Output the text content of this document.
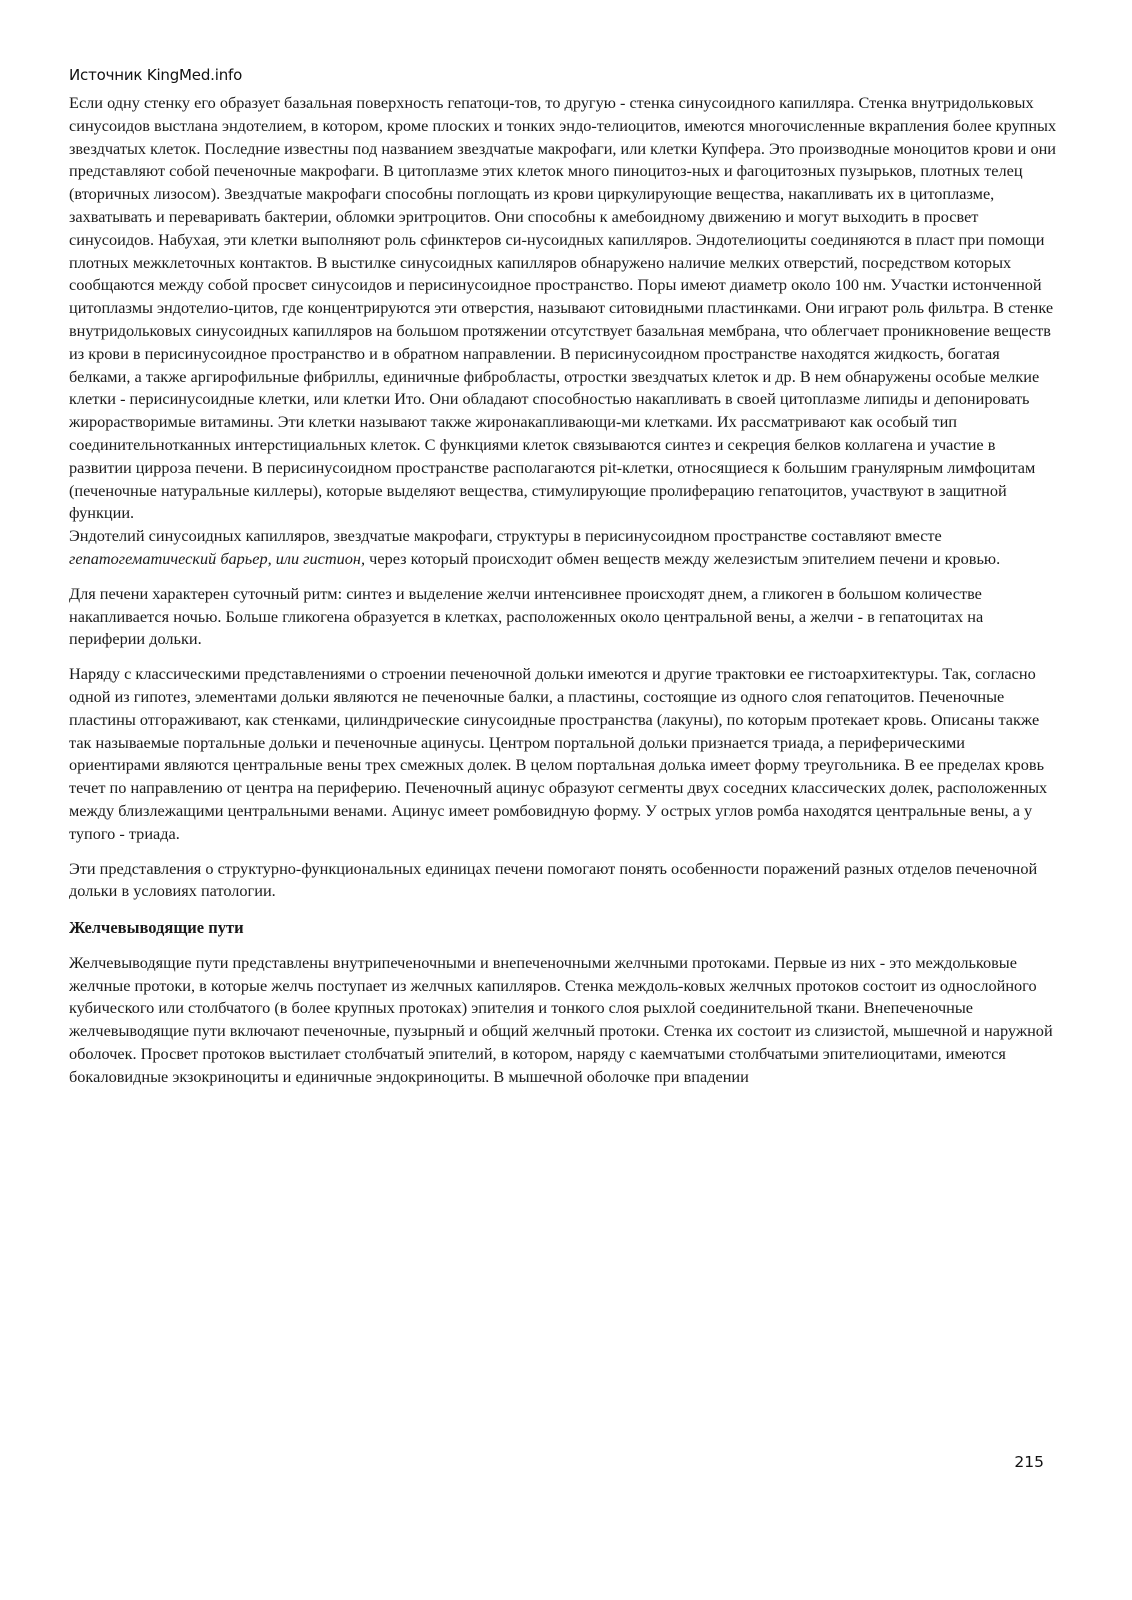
Источник KingMed.info

Если одну стенку его образует базальная поверхность гепатоци-тов, то другую - стенка синусоидного капилляра. Стенка внутридольковых синусоидов выстлана эндотелием, в котором, кроме плоских и тонких эндо-телиоцитов, имеются многочисленные вкрапления более крупных звездчатых клеток. Последние известны под названием звездчатые макрофаги, или клетки Купфера. Это производные моноцитов крови и они представляют собой печеночные макрофаги. В цитоплазме этих клеток много пиноцитоз-ных и фагоцитозных пузырьков, плотных телец (вторичных лизосом). Звездчатые макрофаги способны поглощать из крови циркулирующие вещества, накапливать их в цитоплазме, захватывать и переваривать бактерии, обломки эритроцитов. Они способны к амебоидному движению и могут выходить в просвет синусоидов. Набухая, эти клетки выполняют роль сфинктеров си-нусоидных капилляров. Эндотелиоциты соединяются в пласт при помощи плотных межклеточных контактов. В выстилке синусоидных капилляров обнаружено наличие мелких отверстий, посредством которых сообщаются между собой просвет синусоидов и перисинусоидное пространство. Поры имеют диаметр около 100 нм. Участки истонченной цитоплазмы эндотелио-цитов, где концентрируются эти отверстия, называют ситовидными пластинками. Они играют роль фильтра. В стенке внутридольковых синусоидных капилляров на большом протяжении отсутствует базальная мембрана, что облегчает проникновение веществ из крови в перисинусоидное пространство и в обратном направлении. В перисинусоидном пространстве находятся жидкость, богатая белками, а также аргирофильные фибриллы, единичные фибробласты, отростки звездчатых клеток и др. В нем обнаружены особые мелкие клетки - перисинусоидные клетки, или клетки Ито. Они обладают способностью накапливать в своей цитоплазме липиды и депонировать жирорастворимые витамины. Эти клетки называют также жиронакапливающи-ми клетками. Их рассматривают как особый тип соединительнотканных интерстициальных клеток. С функциями клеток связываются синтез и секреция белков коллагена и участие в развитии цирроза печени. В перисинусоидном пространстве располагаются pit-клетки, относящиеся к большим гранулярным лимфоцитам (печеночные натуральные киллеры), которые выделяют вещества, стимулирующие пролиферацию гепатоцитов, участвуют в защитной функции.

Эндотелий синусоидных капилляров, звездчатые макрофаги, структуры в перисинусоидном пространстве составляют вместе гепатогематический барьер, или гистион, через который происходит обмен веществ между железистым эпителием печени и кровью.

Для печени характерен суточный ритм: синтез и выделение желчи интенсивнее происходят днем, а гликоген в большом количестве накапливается ночью. Больше гликогена образуется в клетках, расположенных около центральной вены, а желчи - в гепатоцитах на периферии дольки.

Наряду с классическими представлениями о строении печеночной дольки имеются и другие трактовки ее гистоархитектуры. Так, согласно одной из гипотез, элементами дольки являются не печеночные балки, а пластины, состоящие из одного слоя гепатоцитов. Печеночные пластины отгораживают, как стенками, цилиндрические синусоидные пространства (лакуны), по которым протекает кровь. Описаны также так называемые портальные дольки и печеночные ацинусы. Центром портальной дольки признается триада, а периферическими ориентирами являются центральные вены трех смежных долек. В целом портальная долька имеет форму треугольника. В ее пределах кровь течет по направлению от центра на периферию. Печеночный ацинус образуют сегменты двух соседних классических долек, расположенных между близлежащими центральными венами. Ацинус имеет ромбовидную форму. У острых углов ромба находятся центральные вены, а у тупого - триада.

Эти представления о структурно-функциональных единицах печени помогают понять особенности поражений разных отделов печеночной дольки в условиях патологии.

Желчевыводящие пути

Желчевыводящие пути представлены внутрипеченочными и внепеченочными желчными протоками. Первые из них - это междольковые желчные протоки, в которые желчь поступает из желчных капилляров. Стенка междоль-ковых желчных протоков состоит из однослойного кубического или столбчатого (в более крупных протоках) эпителия и тонкого слоя рыхлой соединительной ткани. Внепеченочные желчевыводящие пути включают печеночные, пузырный и общий желчный протоки. Стенка их состоит из слизистой, мышечной и наружной оболочек. Просвет протоков выстилает столбчатый эпителий, в котором, наряду с каемчатыми столбчатыми эпителиоцитами, имеются бокаловидные экзокриноциты и единичные эндокриноциты. В мышечной оболочке при впадении

215
